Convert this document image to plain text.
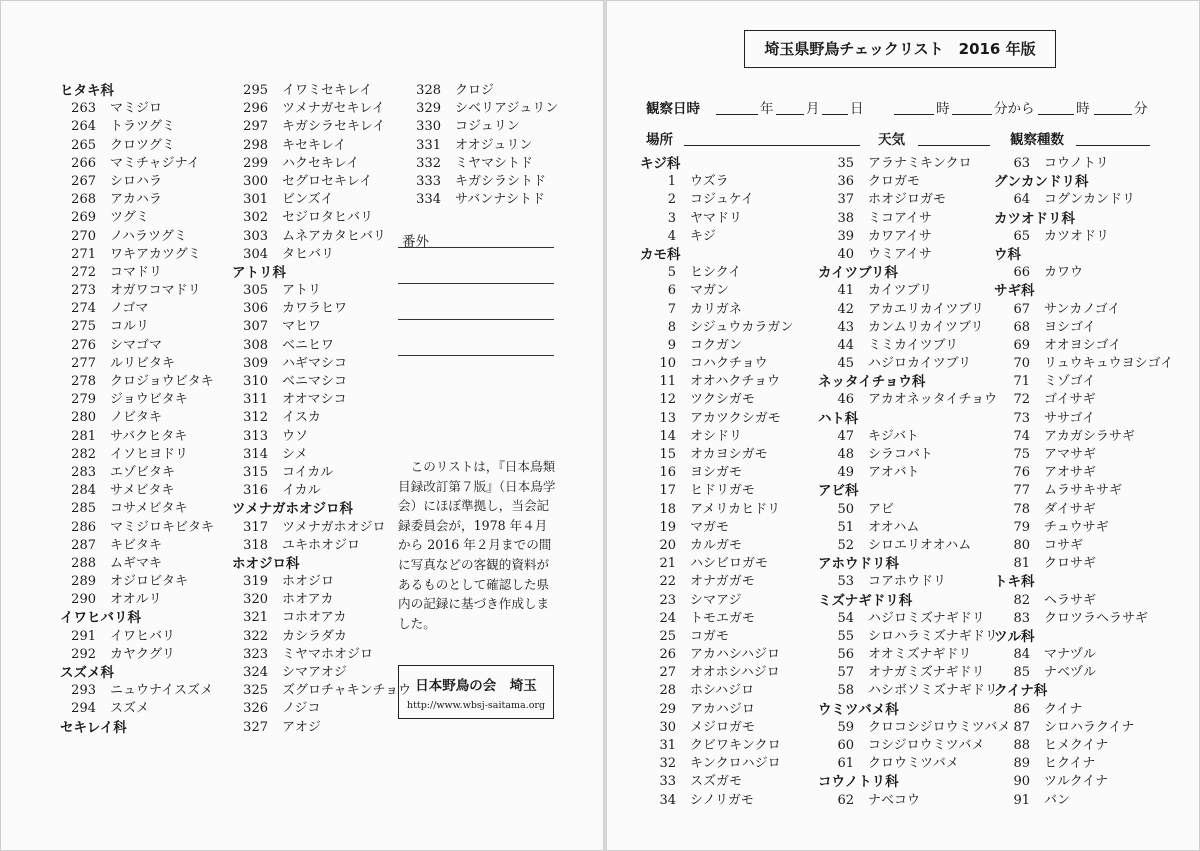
ヒタキ科
263 マミジロ
264 トラツグミ
265 クロツグミ
266 マミチャジナイ
267 シロハラ
268 アカハラ
269 ツグミ
270 ノハラツグミ
271 ワキアカツグミ
272 コマドリ
273 オガワコマドリ
274 ノゴマ
275 コルリ
276 シマゴマ
277 ルリビタキ
278 クロジョウビタキ
279 ジョウビタキ
280 ノビタキ
281 サバクヒタキ
282 イソヒヨドリ
283 エゾビタキ
284 サメビタキ
285 コサメビタキ
286 マミジロキビタキ
287 キビタキ
288 ムギマキ
289 オジロビタキ
290 オオルリ
イワヒバリ科
291 イワヒバリ
292 カヤクグリ
スズメ科
293 ニュウナイスズメ
294 スズメ
セキレイ科
295 イワミセキレイ
296 ツメナガセキレイ
297 キガシラセキレイ
298 キセキレイ
299 ハクセキレイ
300 セグロセキレイ
301 ビンズイ
302 セジロタヒバリ
303 ムネアカタヒバリ
304 タヒバリ
アトリ科
305 アトリ
306 カワラヒワ
307 マヒワ
308 ベニヒワ
309 ハギマシコ
310 ベニマシコ
311 オオマシコ
312 イスカ
313 ウソ
314 シメ
315 コイカル
316 イカル
ツメナガホオジロ科
317 ツメナガホオジロ
318 ユキホオジロ
ホオジロ科
319 ホオジロ
320 ホオアカ
321 コホオアカ
322 カシラダカ
323 ミヤマホオジロ
324 シマアオジ
325 ズグロチャキンチョウ
326 ノジコ
327 アオジ
328 クロジ
329 シベリアジュリン
330 コジュリン
331 オオジュリン
332 ミヤマシトド
333 キガシラシトド
334 サバンナシトド
番外
このリストは，『日本鳥類目録改訂第７版』（日本鳥学会）にほぼ準拠し，当会記録委員会が，1978 年４月から 2016 年２月までの間に写真などの客観的資料があるものとして確認した県内の記録に基づき作成しました。
日本野鳥の会　埼玉
http://www.wbsj-saitama.org
埼玉県野鳥チェックリスト　2016 年版
観察日時	年 月 日	時	分から	時	分
場所	天気	観察種数
キジ科
1 ウズラ
2 コジュケイ
3 ヤマドリ
4 キジ
カモ科
5 ヒシクイ
6 マガン
7 カリガネ
8 シジュウカラガン
9 コクガン
10 コハクチョウ
11 オオハクチョウ
12 ツクシガモ
13 アカツクシガモ
14 オシドリ
15 オカヨシガモ
16 ヨシガモ
17 ヒドリガモ
18 アメリカヒドリ
19 マガモ
20 カルガモ
21 ハシビロガモ
22 オナガガモ
23 シマアジ
24 トモエガモ
25 コガモ
26 アカハシハジロ
27 オオホシハジロ
28 ホシハジロ
29 アカハジロ
30 メジロガモ
31 クビワキンクロ
32 キンクロハジロ
33 スズガモ
34 シノリガモ
35 アラナミキンクロ
36 クロガモ
37 ホオジロガモ
38 ミコアイサ
39 カワアイサ
40 ウミアイサ
カイツブリ科
41 カイツブリ
42 アカエリカイツブリ
43 カンムリカイツブリ
44 ミミカイツブリ
45 ハジロカイツブリ
ネッタイチョウ科
46 アカオネッタイチョウ
ハト科
47 キジバト
48 シラコバト
49 アオバト
アビ科
50 アビ
51 オオハム
52 シロエリオオハム
アホウドリ科
53 コアホウドリ
ミズナギドリ科
54 ハジロミズナギドリ
55 シロハラミズナギドリ
56 オオミズナギドリ
57 オナガミズナギドリ
58 ハシボソミズナギドリ
ウミツバメ科
59 クロコシジロウミツバメ
60 コシジロウミツバメ
61 クロウミツバメ
コウノトリ科
62 ナベコウ
63 コウノトリ
グンカンドリ科
64 コグンカンドリ
カツオドリ科
65 カツオドリ
ウ科
66 カワウ
サギ科
67 サンカノゴイ
68 ヨシゴイ
69 オオヨシゴイ
70 リュウキュウヨシゴイ
71 ミゾゴイ
72 ゴイサギ
73 ササゴイ
74 アカガシラサギ
75 アマサギ
76 アオサギ
77 ムラサキサギ
78 ダイサギ
79 チュウサギ
80 コサギ
81 クロサギ
トキ科
82 ヘラサギ
83 クロツラヘラサギ
ツル科
84 マナヅル
85 ナベヅル
クイナ科
86 クイナ
87 シロハラクイナ
88 ヒメクイナ
89 ヒクイナ
90 ツルクイナ
91 バン
